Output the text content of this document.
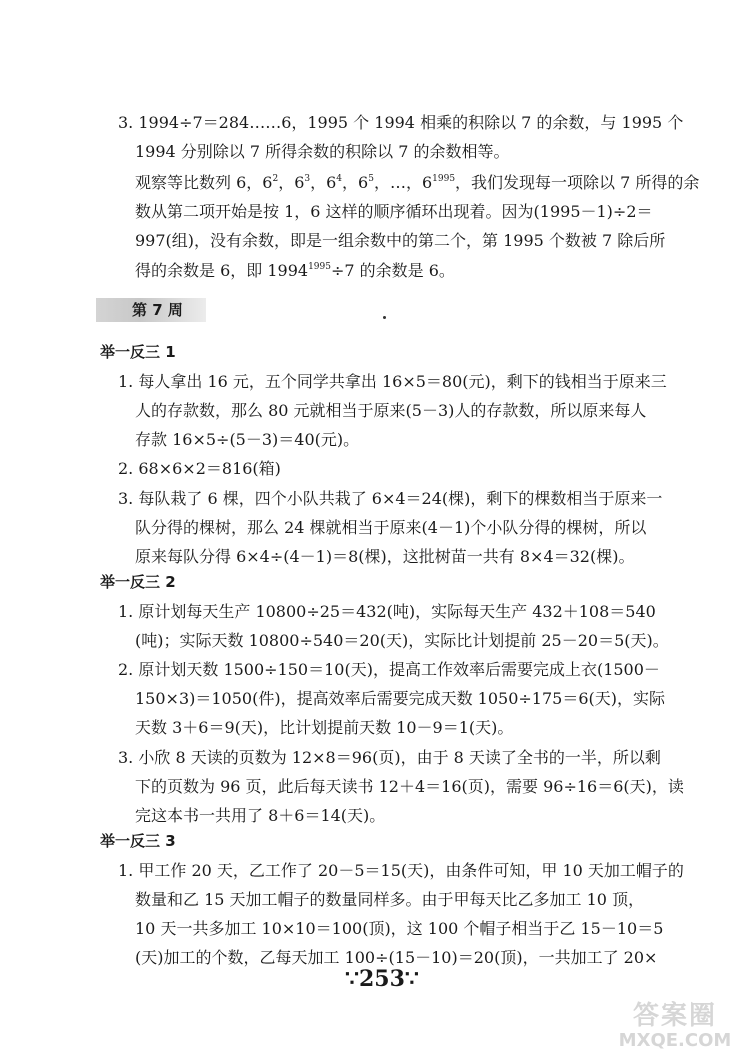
3. 1994÷7＝284……6，1995 个 1994 相乘的积除以 7 的余数，与 1995 个
1994 分别除以 7 所得余数的积除以 7 的余数相等。
观察等比数列 6，$6^2$，$6^3$，$6^4$，$6^5$，…，$6^{1995}$，我们发现每一项除以 7 所得的余
数从第二项开始是按 1，6 这样的顺序循环出现着。因为(1995－1)÷2＝
997(组)，没有余数，即是一组余数中的第二个，第 1995 个数被 7 除后所
得的余数是 6，即 $1994^{1995}\div 7$ 的余数是 6。
第 7 周
举一反三 1
1. 每人拿出 16 元，五个同学共拿出 16×5＝80(元)，剩下的钱相当于原来三
人的存款数，那么 80 元就相当于原来(5－3)人的存款数，所以原来每人
存款 16×5÷(5－3)＝40(元)。
2. 68×6×2＝816(箱)
3. 每队栽了 6 棵，四个小队共栽了 6×4＝24(棵)，剩下的棵数相当于原来一
队分得的棵树，那么 24 棵就相当于原来(4－1)个小队分得的棵树，所以
原来每队分得 6×4÷(4－1)＝8(棵)，这批树苗一共有 8×4＝32(棵)。
举一反三 2
1. 原计划每天生产 10800÷25＝432(吨)，实际每天生产 432＋108＝540
(吨)；实际天数 10800÷540＝20(天)，实际比计划提前 25－20＝5(天)。
2. 原计划天数 1500÷150＝10(天)，提高工作效率后需要完成上衣(1500－
150×3)＝1050(件)，提高效率后需要完成天数 1050÷175＝6(天)，实际
天数 3＋6＝9(天)，比计划提前天数 10－9＝1(天)。
3. 小欣 8 天读的页数为 12×8＝96(页)，由于 8 天读了全书的一半，所以剩
下的页数为 96 页，此后每天读书 12＋4＝16(页)，需要 96÷16＝6(天)，读
完这本书一共用了 8＋6＝14(天)。
举一反三 3
1. 甲工作 20 天，乙工作了 20－5＝15(天)，由条件可知，甲 10 天加工帽子的
数量和乙 15 天加工帽子的数量同样多。由于甲每天比乙多加工 10 顶，
10 天一共多加工 10×10＝100(顶)，这 100 个帽子相当于乙 15－10＝5
(天)加工的个数，乙每天加工 100÷(15－10)＝20(顶)，一共加工了 20×
∵253∵
答案圈
MXQE.COM
